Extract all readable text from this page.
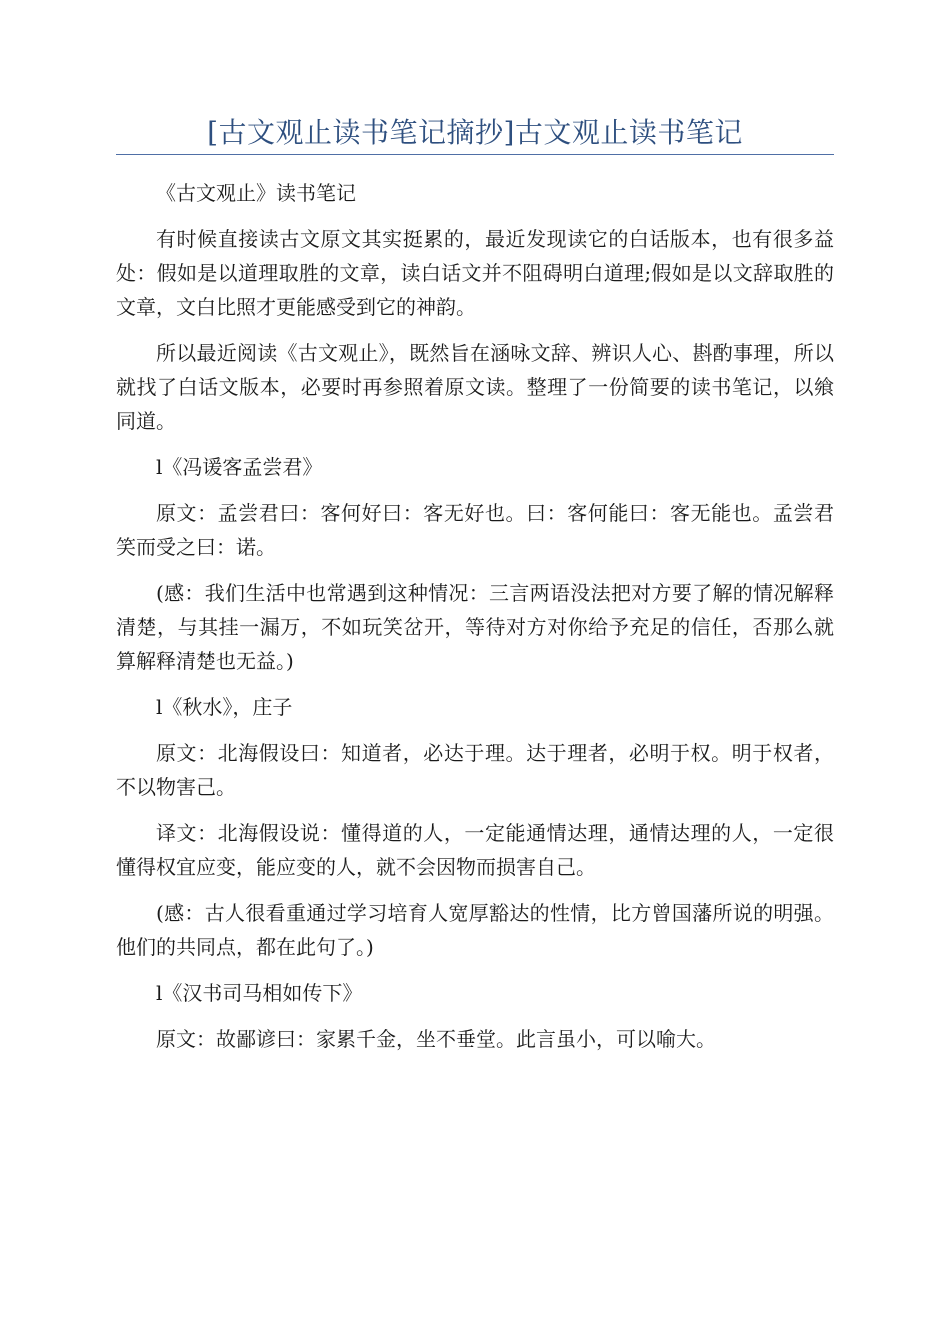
[古文观止读书笔记摘抄]古文观止读书笔记

《古文观止》读书笔记

有时候直接读古文原文其实挺累的，最近发现读它的白话版本，也有很多益处：假如是以道理取胜的文章，读白话文并不阻碍明白道理;假如是以文辞取胜的文章，文白比照才更能感受到它的神韵。

所以最近阅读《古文观止》，既然旨在涵咏文辞、辨识人心、斟酌事理，所以就找了白话文版本，必要时再参照着原文读。整理了一份简要的读书笔记，以飨同道。

l《冯谖客孟尝君》

原文：孟尝君曰：客何好曰：客无好也。曰：客何能曰：客无能也。孟尝君笑而受之曰：诺。

(感：我们生活中也常遇到这种情况：三言两语没法把对方要了解的情况解释清楚，与其挂一漏万，不如玩笑岔开，等待对方对你给予充足的信任，否那么就算解释清楚也无益。)

l《秋水》，庄子

原文：北海假设曰：知道者，必达于理。达于理者，必明于权。明于权者，不以物害己。

译文：北海假设说：懂得道的人，一定能通情达理，通情达理的人，一定很懂得权宜应变，能应变的人，就不会因物而损害自己。

(感：古人很看重通过学习培育人宽厚豁达的性情，比方曾国藩所说的明强。他们的共同点，都在此句了。)

l《汉书司马相如传下》

原文：故鄙谚曰：家累千金，坐不垂堂。此言虽小，可以喻大。
